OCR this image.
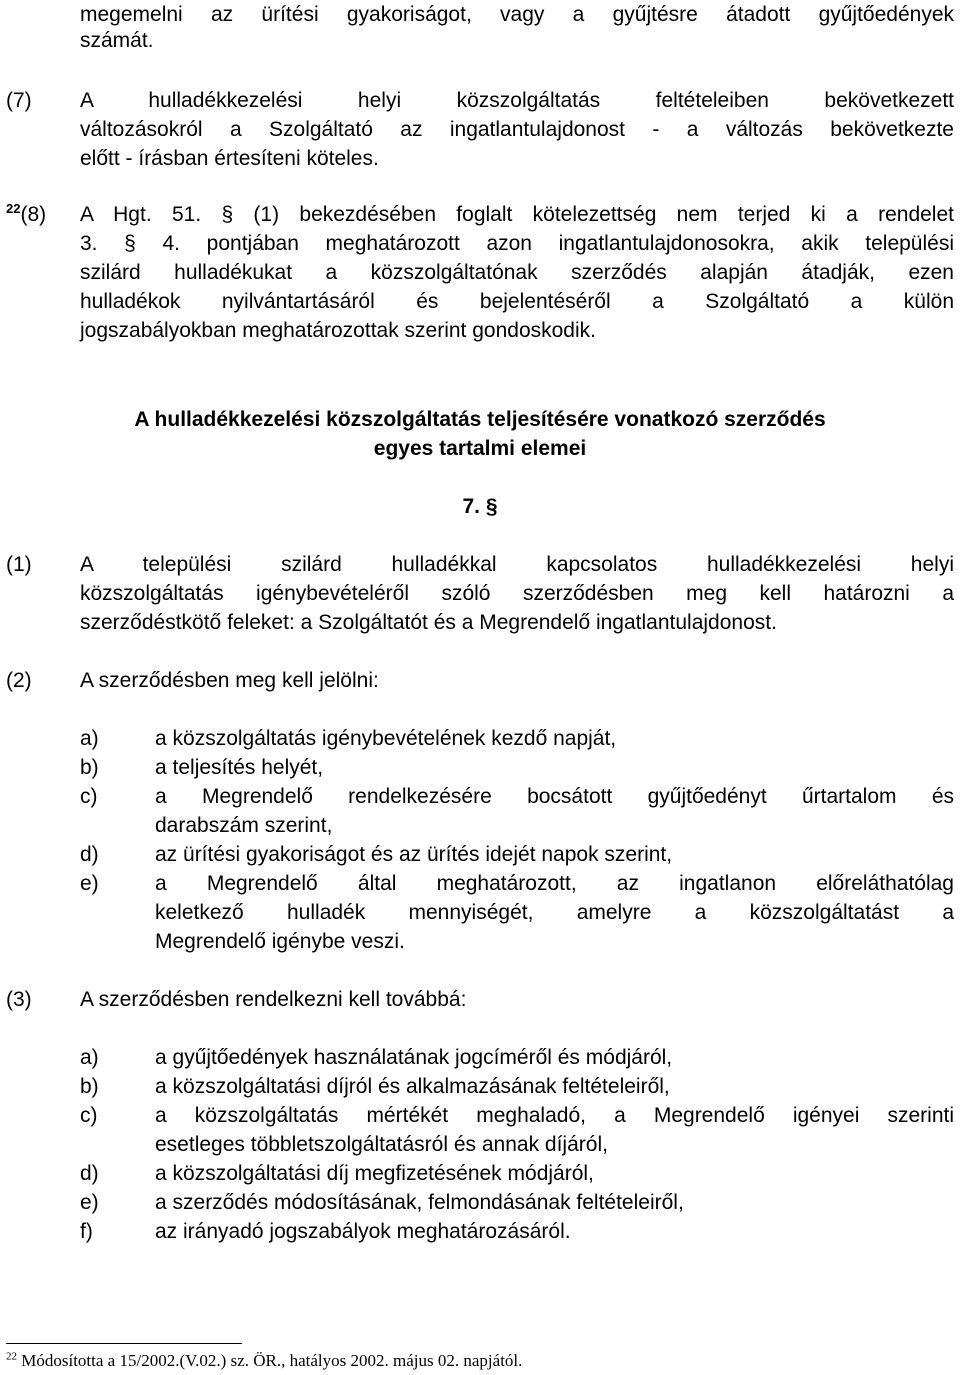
megemelni az ürítési gyakoriságot, vagy a gyűjtésre átadott gyűjtőedények
számát.
(7) A hulladékkezelési helyi közszolgáltatás feltételeiben bekövetkezett
változásokról a Szolgáltató az ingatlantulajdonost - a változás bekövetkezte
előtt - írásban értesíteni köteles.
$^{22}$(8) A Hgt. 51. § (1) bekezdésében foglalt kötelezettség nem terjed ki a rendelet
3. § 4. pontjában meghatározott azon ingatlantulajdonosokra, akik települési
szilárd hulladékukat a közszolgáltatónak szerződés alapján átadják, ezen
hulladékok nyilvántartásáról és bejelentéséről a Szolgáltató a külön
jogszabályokban meghatározottak szerint gondoskodik.
A hulladékkezelési közszolgáltatás teljesítésére vonatkozó szerződés
egyes tartalmi elemei
7. §
(1) A települési szilárd hulladékkal kapcsolatos hulladékkezelési helyi
közszolgáltatás igénybevételéről szóló szerződésben meg kell határozni a
szerződéstkötő feleket: a Szolgáltatót és a Megrendelő ingatlantulajdonost.
(2) A szerződésben meg kell jelölni:
a)	a közszolgáltatás igénybevételének kezdő napját,
b)	a teljesítés helyét,
c)	a Megrendelő rendelkezésére bocsátott gyűjtőedényt űrtartalom és
darabszám szerint,
d)	az ürítési gyakoriságot és az ürítés idejét napok szerint,
e)	a Megrendelő által meghatározott, az ingatlanon előreláthatólag
keletkező hulladék mennyiségét, amelyre a közszolgáltatást a
Megrendelő igénybe veszi.
(3) A szerződésben rendelkezni kell továbbá:
a)	a gyűjtőedények használatának jogcíméről és módjáról,
b)	a közszolgáltatási díjról és alkalmazásának feltételeiről,
c)	a közszolgáltatás mértékét meghaladó, a Megrendelő igényei szerinti
esetleges többletszolgáltatásról és annak díjáról,
d)	a közszolgáltatási díj megfizetésének módjáról,
e)	a szerződés módosításának, felmondásának feltételeiről,
f)	az irányadó jogszabályok meghatározásáról.
$^{22}$ Módosította a 15/2002.(V.02.) sz. ÖR., hatályos 2002. május 02. napjától.
